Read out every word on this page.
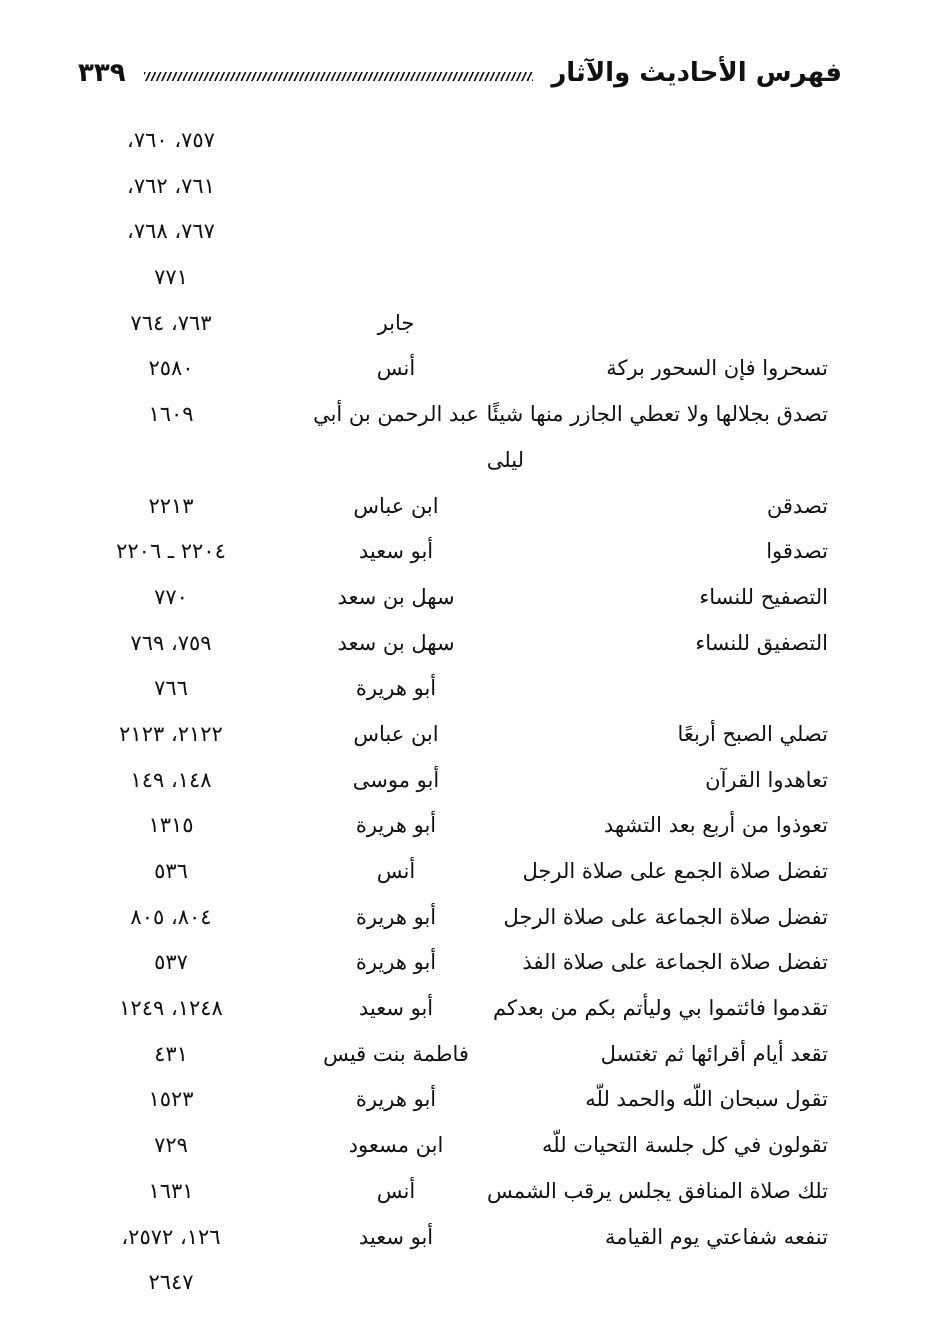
٣٣٩	فهرس الأحاديث والآثار
٧٥٧، ٧٦٠،
٧٦١، ٧٦٢،
٧٦٧، ٧٦٨،
٧٧١
جابر
٧٦٣، ٧٦٤
تسحروا فإن السحور بركة
أنس
٢٥٨٠
تصدق بجلالها ولا تعطي الجازر منها شيئًا
عبد الرحمن بن أبي
١٦٠٩
ليلى
تصدقن
ابن عباس
٢٢١٣
تصدقوا
أبو سعيد
٢٢٠٤ ـ ٢٢٠٦
التصفيح للنساء
سهل بن سعد
٧٧٠
التصفيق للنساء
سهل بن سعد
٧٥٩، ٧٦٩
أبو هريرة
٧٦٦
تصلي الصبح أربعًا
ابن عباس
٢١٢٢، ٢١٢٣
تعاهدوا القرآن
أبو موسى
١٤٨، ١٤٩
تعوذوا من أربع بعد التشهد
أبو هريرة
١٣١٥
تفضل صلاة الجمع على صلاة الرجل
أنس
٥٣٦
تفضل صلاة الجماعة على صلاة الرجل
أبو هريرة
٨٠٤، ٨٠٥
تفضل صلاة الجماعة على صلاة الفذ
أبو هريرة
٥٣٧
تقدموا فائتموا بي وليأتم بكم من بعدكم
أبو سعيد
١٢٤٨، ١٢٤٩
تقعد أيام أقرائها ثم تغتسل
فاطمة بنت قيس
٤٣١
تقول سبحان اللّه والحمد للّه
أبو هريرة
١٥٢٣
تقولون في كل جلسة التحيات للّه
ابن مسعود
٧٢٩
تلك صلاة المنافق يجلس يرقب الشمس
أنس
١٦٣١
تنفعه شفاعتي يوم القيامة
أبو سعيد
١٢٦، ٢٥٧٢،
٢٦٤٧
